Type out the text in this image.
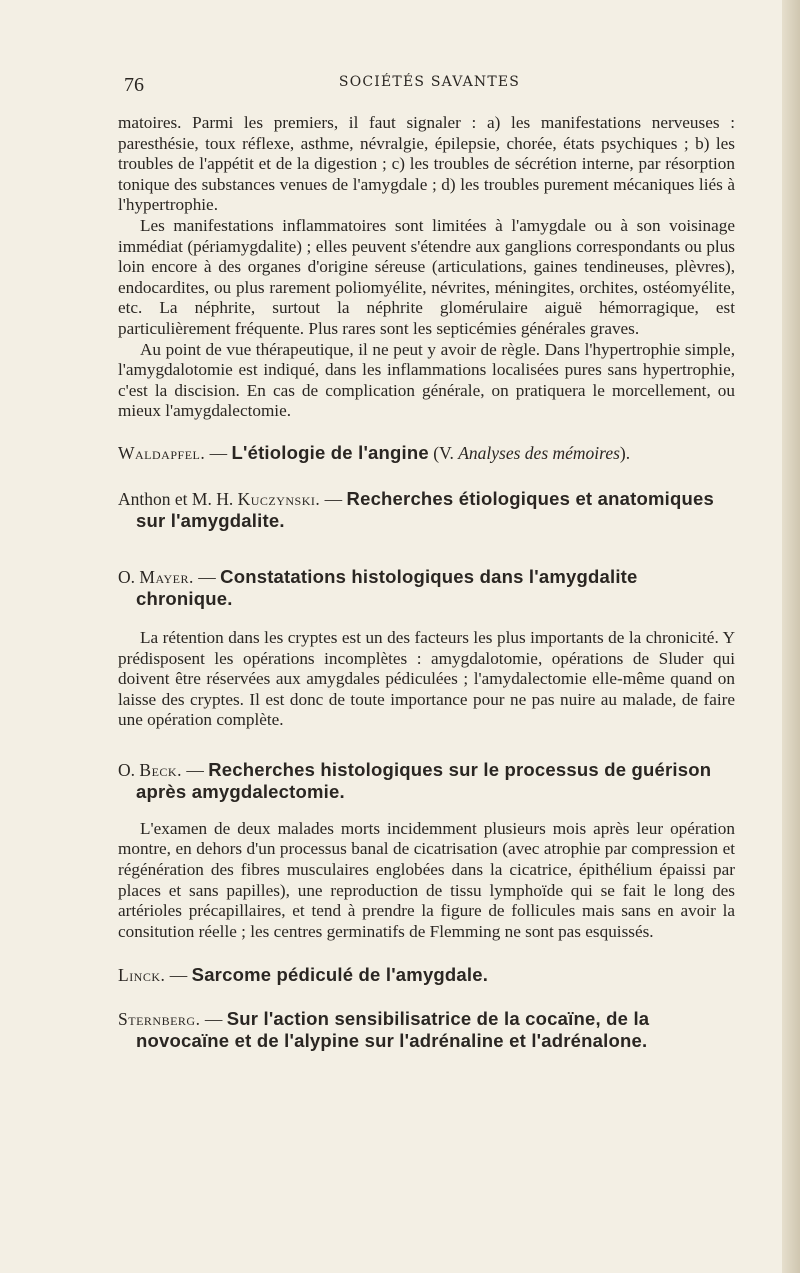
76	SOCIÉTÉS SAVANTES

matoires. Parmi les premiers, il faut signaler : a) les manifestations nerveuses : paresthésie, toux réflexe, asthme, névralgie, épilepsie, chorée, états psychiques ; b) les troubles de l'appétit et de la digestion ; c) les troubles de sécrétion interne, par résorption tonique des substances venues de l'amygdale ; d) les troubles purement mécaniques liés à l'hypertrophie.

Les manifestations inflammatoires sont limitées à l'amygdale ou à son voisinage immédiat (périamygdalite) ; elles peuvent s'étendre aux ganglions correspondants ou plus loin encore à des organes d'origine séreuse (articulations, gaines tendineuses, plèvres), endocardites, ou plus rarement poliomyélite, névrites, méningites, orchites, ostéomyélite, etc. La néphrite, surtout la néphrite glomérulaire aiguë hémorragique, est particulièrement fréquente. Plus rares sont les septicémies générales graves.

Au point de vue thérapeutique, il ne peut y avoir de règle. Dans l'hypertrophie simple, l'amygdalotomie est indiqué, dans les inflammations localisées pures sans hypertrophie, c'est la discision. En cas de complication générale, on pratiquera le morcellement, ou mieux l'amygdalectomie.

Waldapfel. — L'étiologie de l'angine (V. Analyses des mémoires).

Anthon et M. H. Kuczynski. — Recherches étiologiques et anatomiques sur l'amygdalite.

O. Mayer. — Constatations histologiques dans l'amygdalite chronique.

La rétention dans les cryptes est un des facteurs les plus importants de la chronicité. Y prédisposent les opérations incomplètes : amygdalotomie, opérations de Sluder qui doivent être réservées aux amygdales pédiculées ; l'amydalectomie elle-même quand on laisse des cryptes. Il est donc de toute importance pour ne pas nuire au malade, de faire une opération complète.

O. Beck. — Recherches histologiques sur le processus de guérison après amygdalectomie.

L'examen de deux malades morts incidemment plusieurs mois après leur opération montre, en dehors d'un processus banal de cicatrisation (avec atrophie par compression et régénération des fibres musculaires englobées dans la cicatrice, épithélium épaissi par places et sans papilles), une reproduction de tissu lymphoïde qui se fait le long des artérioles précapillaires, et tend à prendre la figure de follicules mais sans en avoir la consitution réelle ; les centres germinatifs de Flemming ne sont pas esquissés.

Linck. — Sarcome pédiculé de l'amygdale.

Sternberg. — Sur l'action sensibilisatrice de la cocaïne, de la novocaïne et de l'alypine sur l'adrénaline et l'adrénalone.
